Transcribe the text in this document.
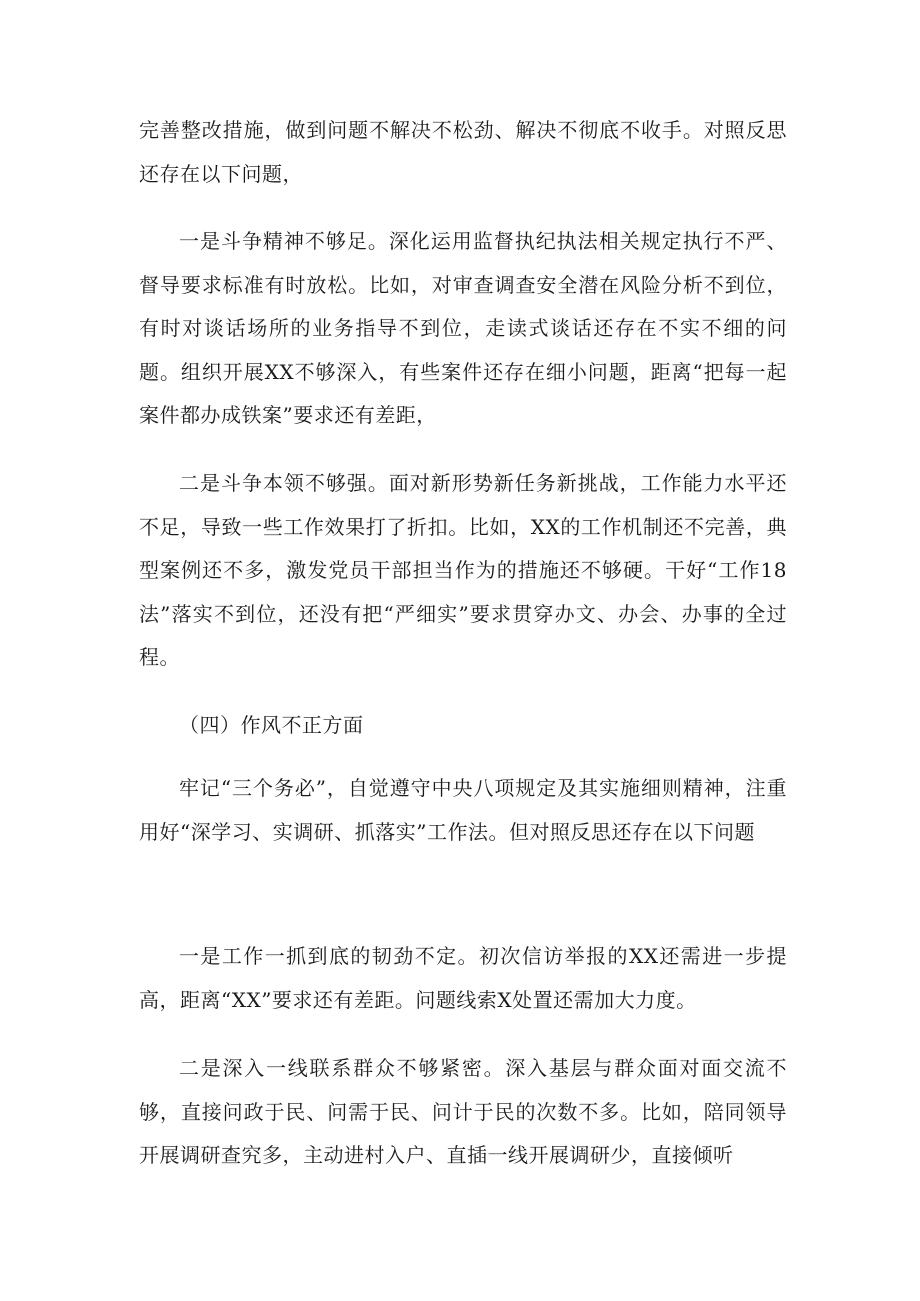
完善整改措施，做到问题不解决不松劲、解决不彻底不收手。对照反思还存在以下问题，

一是斗争精神不够足。深化运用监督执纪执法相关规定执行不严、督导要求标准有时放松。比如，对审查调查安全潜在风险分析不到位，有时对谈话场所的业务指导不到位，走读式谈话还存在不实不细的问题。组织开展XX不够深入，有些案件还存在细小问题，距离“把每一起案件都办成铁案”要求还有差距，

二是斗争本领不够强。面对新形势新任务新挑战，工作能力水平还不足，导致一些工作效果打了折扣。比如，XX的工作机制还不完善，典型案例还不多，激发党员干部担当作为的措施还不够硬。干好“工作18法”落实不到位，还没有把“严细实”要求贯穿办文、办会、办事的全过程。

（四）作风不正方面

牢记“三个务必”，自觉遵守中央八项规定及其实施细则精神，注重用好“深学习、实调研、抓落实”工作法。但对照反思还存在以下问题

一是工作一抓到底的韧劲不定。初次信访举报的XX还需进一步提高，距离“XX”要求还有差距。问题线索X处置还需加大力度。

二是深入一线联系群众不够紧密。深入基层与群众面对面交流不够，直接问政于民、问需于民、问计于民的次数不多。比如，陪同领导开展调研查究多，主动进村入户、直插一线开展调研少，直接倾听
